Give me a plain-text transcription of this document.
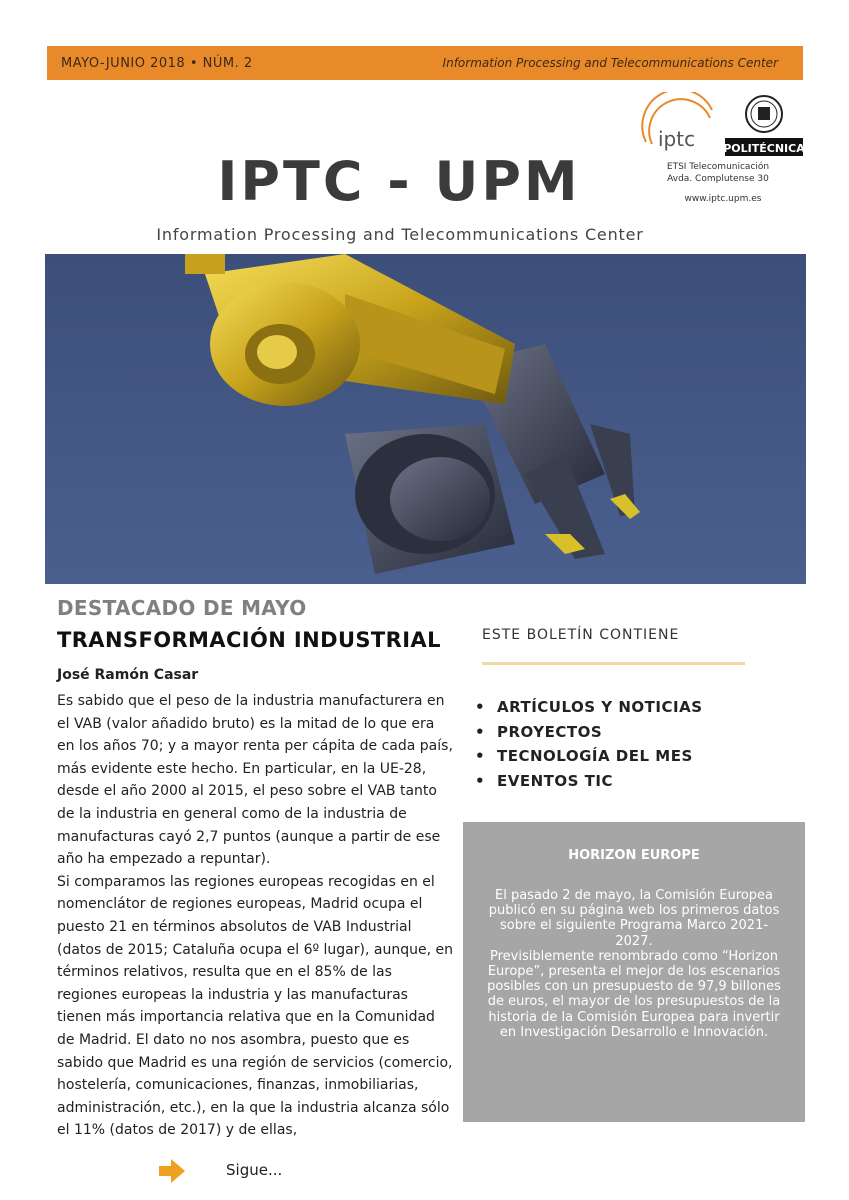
MAYO-JUNIO 2018 • NÚM. 2	Information Processing and Telecommunications Center
iptc	POLITÉCNICA
ETSI Telecomunicación
Avda. Complutense 30
www.iptc.upm.es
IPTC - UPM
Information Processing and Telecommunications Center
DESTACADO DE MAYO
TRANSFORMACIÓN INDUSTRIAL
José Ramón Casar

Es sabido que el peso de la industria manufacturera en el VAB (valor añadido bruto) es la mitad de lo que era en los años 70; y a mayor renta per cápita de cada país, más evidente este hecho. En particular, en la UE-28, desde el año 2000 al 2015, el peso sobre el VAB tanto de la industria en general como de la industria de manufacturas cayó 2,7 puntos (aunque a partir de ese año ha empezado a repuntar).

Si comparamos las regiones europeas recogidas en el nomenclátor de regiones europeas, Madrid ocupa el puesto 21 en términos absolutos de VAB Industrial (datos de 2015; Cataluña ocupa el 6º lugar), aunque, en términos relativos, resulta que en el 85% de las regiones europeas la industria y las manufacturas tienen más importancia relativa que en la Comunidad de Madrid. El dato no nos asombra, puesto que es sabido que Madrid es una región de servicios (comercio, hostelería, comunicaciones, finanzas, inmobiliarias, administración, etc.), en la que la industria alcanza sólo el 11% (datos de 2017) y de ellas,

ESTE BOLETÍN CONTIENE
• ARTÍCULOS Y NOTICIAS
• PROYECTOS
• TECNOLOGÍA DEL MES
• EVENTOS TIC
HORIZON EUROPE

El pasado 2 de mayo, la Comisión Europea publicó en su página web los primeros datos sobre el siguiente Programa Marco 2021-2027.

Previsiblemente renombrado como “Horizon Europe”, presenta el mejor de los escenarios posibles con un presupuesto de 97,9 billones de euros, el mayor de los presupuestos de la historia de la Comisión Europea para invertir en Investigación Desarrollo e Innovación.

Sigue...
